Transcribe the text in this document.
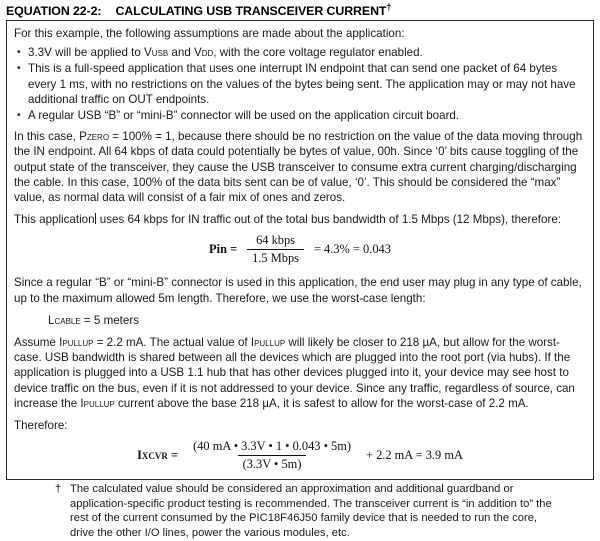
EQUATION 22-2: CALCULATING USB TRANSCEIVER CURRENT†

For this example, the following assumptions are made about the application:

• 3.3V will be applied to Vusb and Vdd, with the core voltage regulator enabled.
• This is a full-speed application that uses one interrupt IN endpoint that can send one packet of 64 bytes every 1 ms, with no restrictions on the values of the bytes being sent. The application may or may not have additional traffic on OUT endpoints.
• A regular USB “B” or “mini-B” connector will be used on the application circuit board.

In this case, Pzero = 100% = 1, because there should be no restriction on the value of the data moving through the IN endpoint. All 64 kbps of data could potentially be bytes of value, 00h. Since ‘0’ bits cause toggling of the output state of the transceiver, they cause the USB transceiver to consume extra current charging/discharging the cable. In this case, 100% of the data bits sent can be of value, ‘0’. This should be considered the “max” value, as normal data will consist of a fair mix of ones and zeros.

This application uses 64 kbps for IN traffic out of the total bus bandwidth of 1.5 Mbps (12 Mbps), therefore:

Pin = $\frac{\text{64 kbps}}{\text{1.5 Mbps}} = 4.3\% = 0.043$

Since a regular “B” or “mini-B” connector is used in this application, the end user may plug in any type of cable, up to the maximum allowed 5m length. Therefore, we use the worst-case length:

Lcable = 5 meters

Assume Ipullup = 2.2 mA. The actual value of Ipullup will likely be closer to 218 µA, but allow for the worst-case. USB bandwidth is shared between all the devices which are plugged into the root port (via hubs). If the application is plugged into a USB 1.1 hub that has other devices plugged into it, your device may see host to device traffic on the bus, even if it is not addressed to your device. Since any traffic, regardless of source, can increase the Ipullup current above the base 218 µA, it is safest to allow for the worst-case of 2.2 mA.

Therefore:

Ixcvr = $\frac{(40 mA • 3.3V • 1 • 0.043 • 5m)}{(3.3V • 5m)} + 2.2$ mA = 3.9 mA
† The calculated value should be considered an approximation and additional guardband or application-specific product testing is recommended. The transceiver current is “in addition to” the rest of the current consumed by the PIC18F46J50 family device that is needed to run the core, drive the other I/O lines, power the various modules, etc.
